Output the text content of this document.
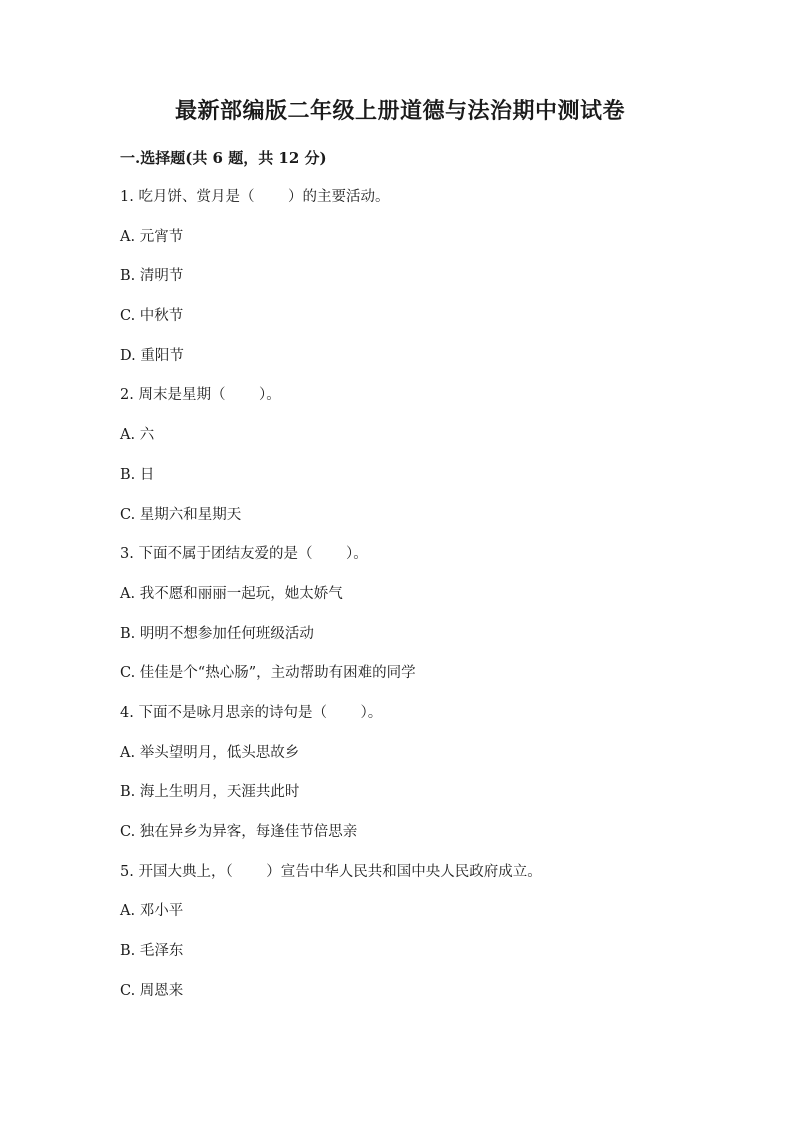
最新部编版二年级上册道德与法治期中测试卷
一.选择题(共 6 题，共 12 分)
1. 吃月饼、赏月是（　　 ）的主要活动。
A. 元宵节
B. 清明节
C. 中秋节
D. 重阳节
2. 周末是星期（　　 ）。
A. 六
B. 日
C. 星期六和星期天
3. 下面不属于团结友爱的是（　　 ）。
A. 我不愿和丽丽一起玩，她太娇气
B. 明明不想参加任何班级活动
C. 佳佳是个“热心肠”，主动帮助有困难的同学
4. 下面不是咏月思亲的诗句是（　　 ）。
A. 举头望明月，低头思故乡
B. 海上生明月，天涯共此时
C. 独在异乡为异客，每逢佳节倍思亲
5. 开国大典上，（　　 ）宣告中华人民共和国中央人民政府成立。
A. 邓小平
B. 毛泽东
C. 周恩来
